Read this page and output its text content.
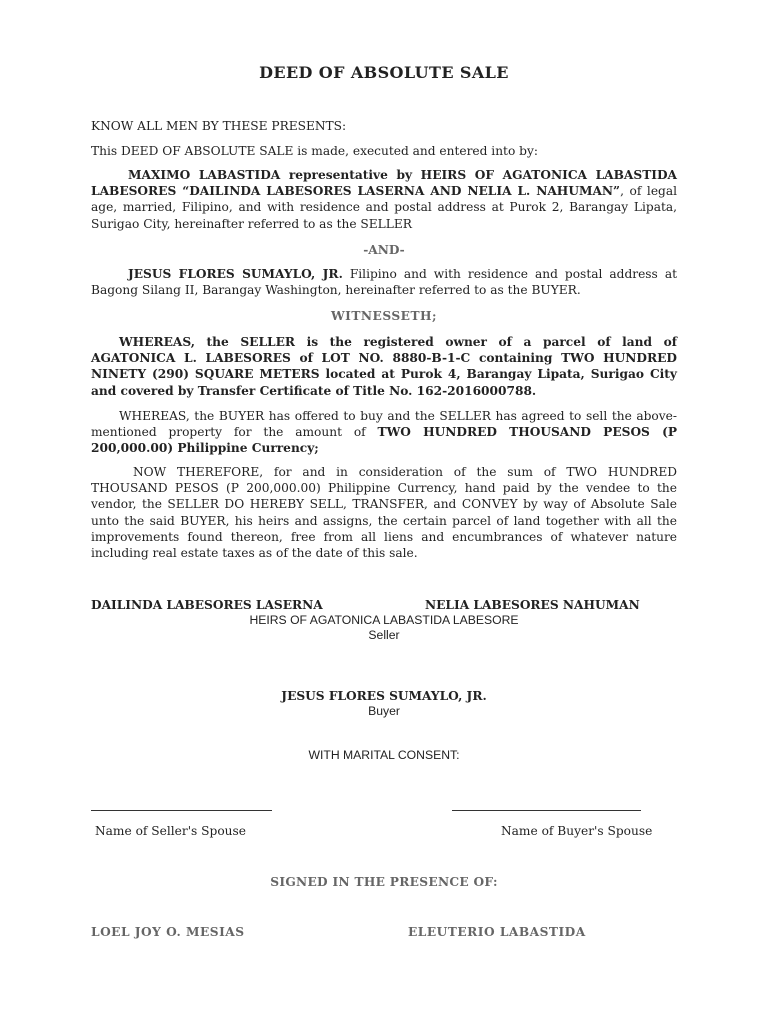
DEED OF ABSOLUTE SALE

KNOW ALL MEN BY THESE PRESENTS:

This DEED OF ABSOLUTE SALE is made, executed and entered into by:

MAXIMO LABASTIDA representative by HEIRS OF AGATONICA LABASTIDA LABESORES “DAILINDA LABESORES LASERNA AND NELIA L. NAHUMAN”, of legal age, married, Filipino, and with residence and postal address at Purok 2, Barangay Lipata, Surigao City, hereinafter referred to as the SELLER

-AND-

JESUS FLORES SUMAYLO, JR. Filipino and with residence and postal address at Bagong Silang II, Barangay Washington, hereinafter referred to as the BUYER.

WITNESSETH;

WHEREAS, the SELLER is the registered owner of a parcel of land of AGATONICA L. LABESORES of LOT NO. 8880-B-1-C containing TWO HUNDRED NINETY (290) SQUARE METERS located at Purok 4, Barangay Lipata, Surigao City and covered by Transfer Certificate of Title No. 162-2016000788.

WHEREAS, the BUYER has offered to buy and the SELLER has agreed to sell the above-mentioned property for the amount of TWO HUNDRED THOUSAND PESOS (P 200,000.00) Philippine Currency;

NOW THEREFORE, for and in consideration of the sum of TWO HUNDRED THOUSAND PESOS (P 200,000.00) Philippine Currency, hand paid by the vendee to the vendor, the SELLER DO HEREBY SELL, TRANSFER, and CONVEY by way of Absolute Sale unto the said BUYER, his heirs and assigns, the certain parcel of land together with all the improvements found thereon, free from all liens and encumbrances of whatever nature including real estate taxes as of the date of this sale.

DAILINDA LABESORES LASERNA	NELIA LABESORES NAHUMAN

HEIRS OF AGATONICA LABASTIDA LABESORE

Seller

JESUS FLORES SUMAYLO, JR.

Buyer

WITH MARITAL CONSENT:

Name of Seller's Spouse	Name of Buyer's Spouse

SIGNED IN THE PRESENCE OF:

LOEL JOY O. MESIAS	ELEUTERIO LABASTIDA
